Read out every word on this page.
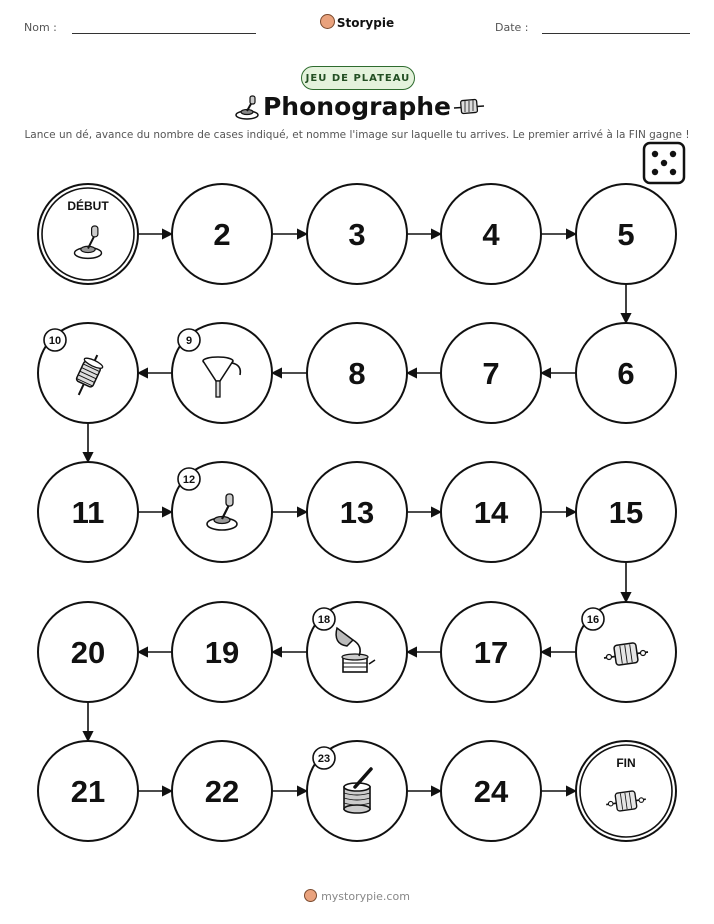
Nom :	Storypie	Date :
JEU DE PLATEAU
Phonographe
Lance un dé, avance du nombre de cases indiqué, et nomme l'image sur laquelle tu arrives. Le premier arrivé à la FIN gagne !
DÉBUT
2	3	4	5
6
7
8
9
10
11
12
13	14	15
16
17
18
19
20
21	22
23
24
FIN
mystorypie.com
